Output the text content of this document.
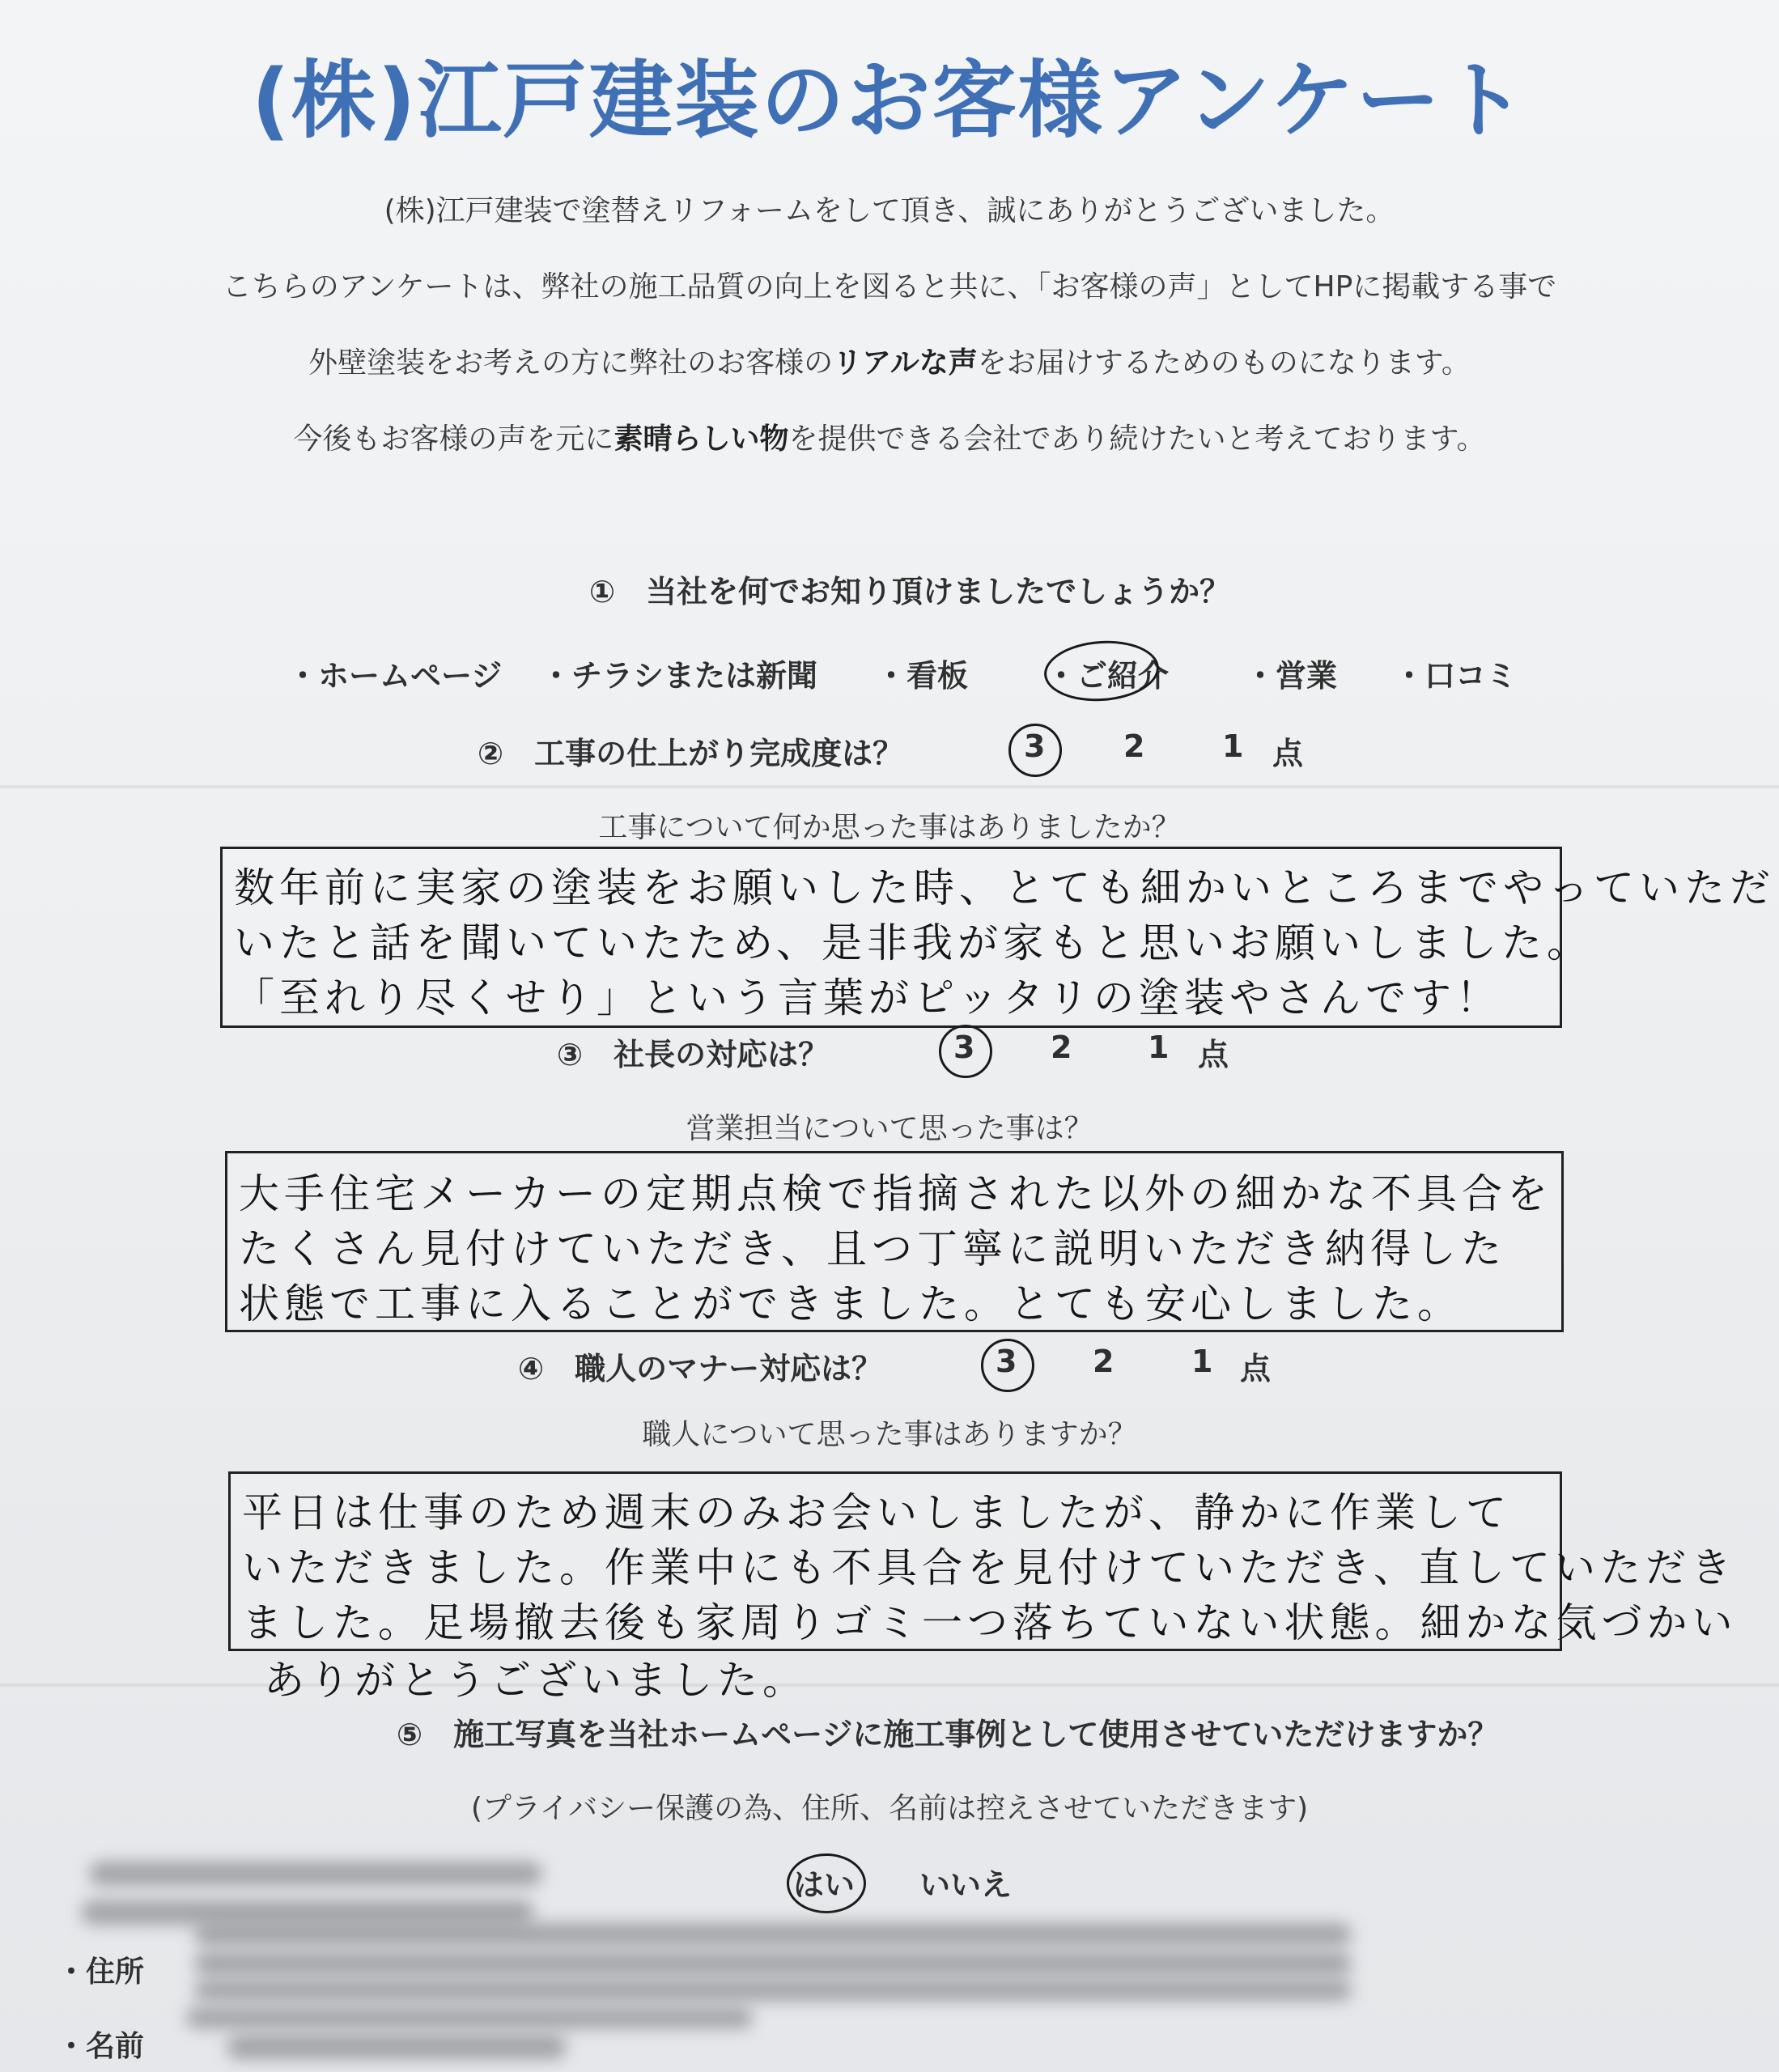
(株)江戸建装のお客様アンケート
(株)江戸建装で塗替えリフォームをして頂き、誠にありがとうございました。
こちらのアンケートは、弊社の施工品質の向上を図ると共に、「お客様の声」としてHPに掲載する事で
外壁塗装をお考えの方に弊社のお客様のリアルな声をお届けするためのものになります。
今後もお客様の声を元に素晴らしい物を提供できる会社であり続けたいと考えております。
①　当社を何でお知り頂けましたでしょうか？
・ホームページ ・チラシまたは新聞 ・看板	・ご紹介 ・営業 ・口コミ
②　工事の仕上がり完成度は？	3	2	1 点
工事について何か思った事はありましたか？
数年前に実家の塗装をお願いした時、とても細かいところまでやっていただ
いたと話を聞いていたため、是非我が家もと思いお願いしました。
「至れり尽くせり」という言葉がピッタリの塗装やさんです！
③　社長の対応は？	3 2 1 点
営業担当について思った事は？
大手住宅メーカーの定期点検で指摘された以外の細かな不具合を
たくさん見付けていただき、且つ丁寧に説明いただき納得した
状態で工事に入ることができました。とても安心しました。
④　職人のマナー対応は？	3 2	1 点
職人について思った事はありますか？
平日は仕事のため週末のみお会いしましたが、静かに作業して
いただきました。作業中にも不具合を見付けていただき、直していただき
ました。足場撤去後も家周りゴミ一つ落ちていない状態。細かな気づかい
ありがとうございました。
⑤　施工写真を当社ホームページに施工事例として使用させていただけますか？
(プライバシー保護の為、住所、名前は控えさせていただきます)
はい いいえ
・住所
・名前
